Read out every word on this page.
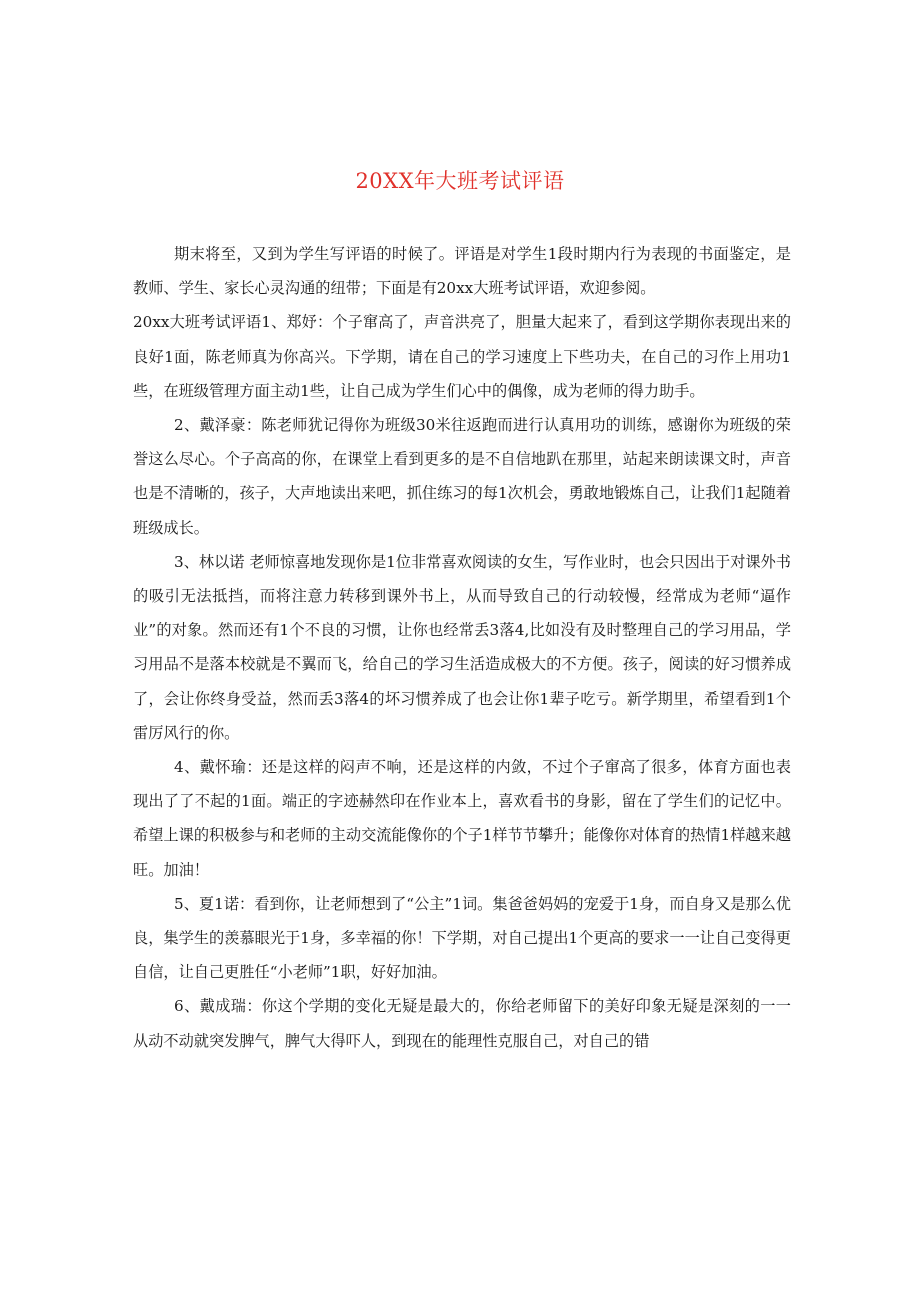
20XX年大班考试评语

期末将至，又到为学生写评语的时候了。评语是对学生1段时期内行为表现的书面鉴定，是教师、学生、家长心灵沟通的纽带；下面是有20xx大班考试评语，欢迎参阅。

20xx大班考试评语1、郑妤：个子窜高了，声音洪亮了，胆量大起来了，看到这学期你表现出来的良好1面，陈老师真为你高兴。下学期，请在自己的学习速度上下些功夫，在自己的习作上用功1些，在班级管理方面主动1些，让自己成为学生们心中的偶像，成为老师的得力助手。

2、戴泽豪：陈老师犹记得你为班级30米往返跑而进行认真用功的训练，感谢你为班级的荣誉这么尽心。个子高高的你，在课堂上看到更多的是不自信地趴在那里，站起来朗读课文时，声音也是不清晰的，孩子，大声地读出来吧，抓住练习的每1次机会，勇敢地锻炼自己，让我们1起随着班级成长。

3、林以诺 老师惊喜地发现你是1位非常喜欢阅读的女生，写作业时，也会只因出于对课外书的吸引无法抵挡，而将注意力转移到课外书上，从而导致自己的行动较慢，经常成为老师“逼作业”的对象。然而还有1个不良的习惯，让你也经常丢3落4,比如没有及时整理自己的学习用品，学习用品不是落本校就是不翼而飞，给自己的学习生活造成极大的不方便。孩子，阅读的好习惯养成了，会让你终身受益，然而丢3落4的坏习惯养成了也会让你1辈子吃亏。新学期里，希望看到1个雷厉风行的你。

4、戴怀瑜：还是这样的闷声不响，还是这样的内敛，不过个子窜高了很多，体育方面也表现出了了不起的1面。端正的字迹赫然印在作业本上，喜欢看书的身影，留在了学生们的记忆中。希望上课的积极参与和老师的主动交流能像你的个子1样节节攀升；能像你对体育的热情1样越来越旺。加油！

5、夏1诺：看到你，让老师想到了“公主”1词。集爸爸妈妈的宠爱于1身，而自身又是那么优良，集学生的羡慕眼光于1身，多幸福的你！下学期，对自己提出1个更高的要求一一让自己变得更自信，让自己更胜任“小老师”1职，好好加油。

6、戴成瑞：你这个学期的变化无疑是最大的，你给老师留下的美好印象无疑是深刻的一一从动不动就突发脾气，脾气大得吓人，到现在的能理性克服自己，对自己的错
